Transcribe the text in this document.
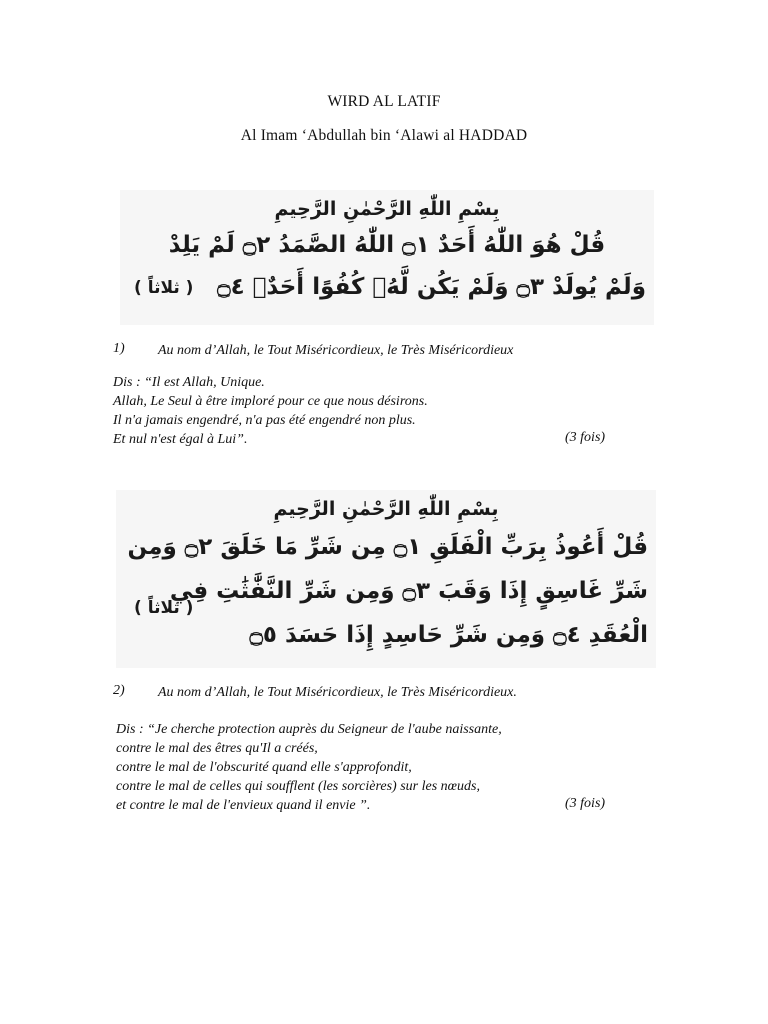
WIRD AL LATIF
Al Imam ‘Abdullah bin ‘Alawi al HADDAD
بِسْمِ اللّٰهِ الرَّحْمٰنِ الرَّحِيمِ
قُلْ هُوَ اللّٰهُ أَحَدٌ ۝١ اللّٰهُ الصَّمَدُ ۝٢ لَمْ يَلِدْ
وَلَمْ يُولَدْ ۝٣ وَلَمْ يَكُن لَّهُۥ كُفُوًا أَحَدٌۢ ۝٤
( ثلاثاً )
1) Au nom d’Allah, le Tout Miséricordieux, le Très Miséricordieux
Dis : “Il est Allah, Unique.
Allah, Le Seul à être imploré pour ce que nous désirons.
Il n'a jamais engendré, n'a pas été engendré non plus.
Et nul n'est égal à Lui”.	(3 fois)
بِسْمِ اللّٰهِ الرَّحْمٰنِ الرَّحِيمِ
قُلْ أَعُوذُ بِرَبِّ الْفَلَقِ ۝١ مِن شَرِّ مَا خَلَقَ ۝٢ وَمِن
شَرِّ غَاسِقٍ إِذَا وَقَبَ ۝٣ وَمِن شَرِّ النَّفَّٰثَٰتِ فِي
الْعُقَدِ ۝٤ وَمِن شَرِّ حَاسِدٍ إِذَا حَسَدَ ۝٥
( ثلاثاً )
2) Au nom d’Allah, le Tout Miséricordieux, le Très Miséricordieux.
Dis : “Je cherche protection auprès du Seigneur de l'aube naissante,
contre le mal des êtres qu'Il a créés,
contre le mal de l'obscurité quand elle s'approfondit,
contre le mal de celles qui soufflent (les sorcières) sur les nœuds,
et contre le mal de l'envieux quand il envie ”.	(3 fois)
